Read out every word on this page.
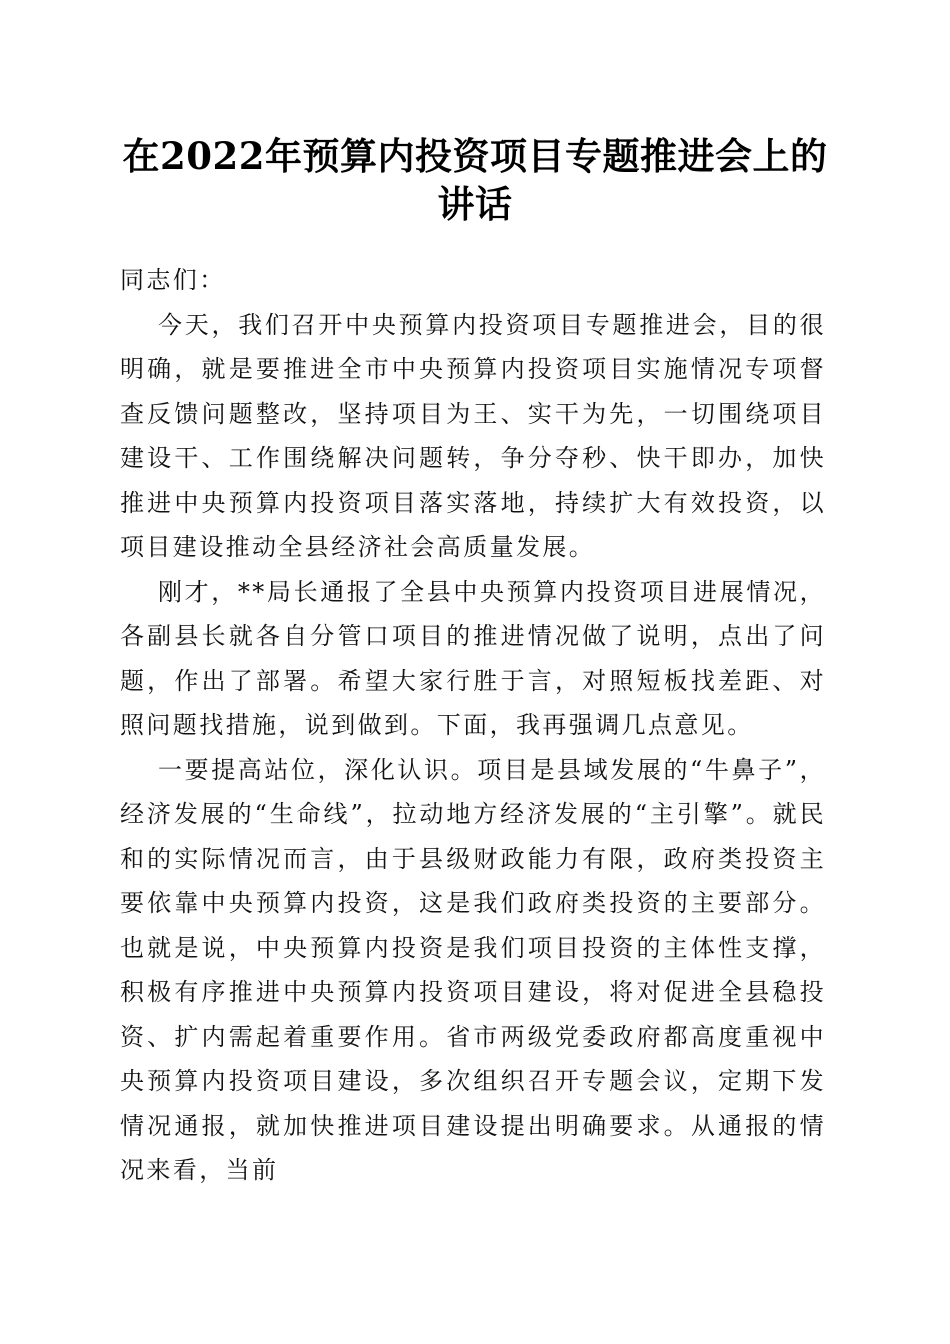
在2022年预算内投资项目专题推进会上的讲话

同志们：

今天，我们召开中央预算内投资项目专题推进会，目的很明确，就是要推进全市中央预算内投资项目实施情况专项督查反馈问题整改，坚持项目为王、实干为先，一切围绕项目建设干、工作围绕解决问题转，争分夺秒、快干即办，加快推进中央预算内投资项目落实落地，持续扩大有效投资，以项目建设推动全县经济社会高质量发展。

刚才，**局长通报了全县中央预算内投资项目进展情况，各副县长就各自分管口项目的推进情况做了说明，点出了问题，作出了部署。希望大家行胜于言，对照短板找差距、对照问题找措施，说到做到。下面，我再强调几点意见。

一要提高站位，深化认识。项目是县域发展的“牛鼻子”，经济发展的“生命线”，拉动地方经济发展的“主引擎”。就民和的实际情况而言，由于县级财政能力有限，政府类投资主要依靠中央预算内投资，这是我们政府类投资的主要部分。也就是说，中央预算内投资是我们项目投资的主体性支撑，积极有序推进中央预算内投资项目建设，将对促进全县稳投资、扩内需起着重要作用。省市两级党委政府都高度重视中央预算内投资项目建设，多次组织召开专题会议，定期下发情况通报，就加快推进项目建设提出明确要求。从通报的情况来看，当前
